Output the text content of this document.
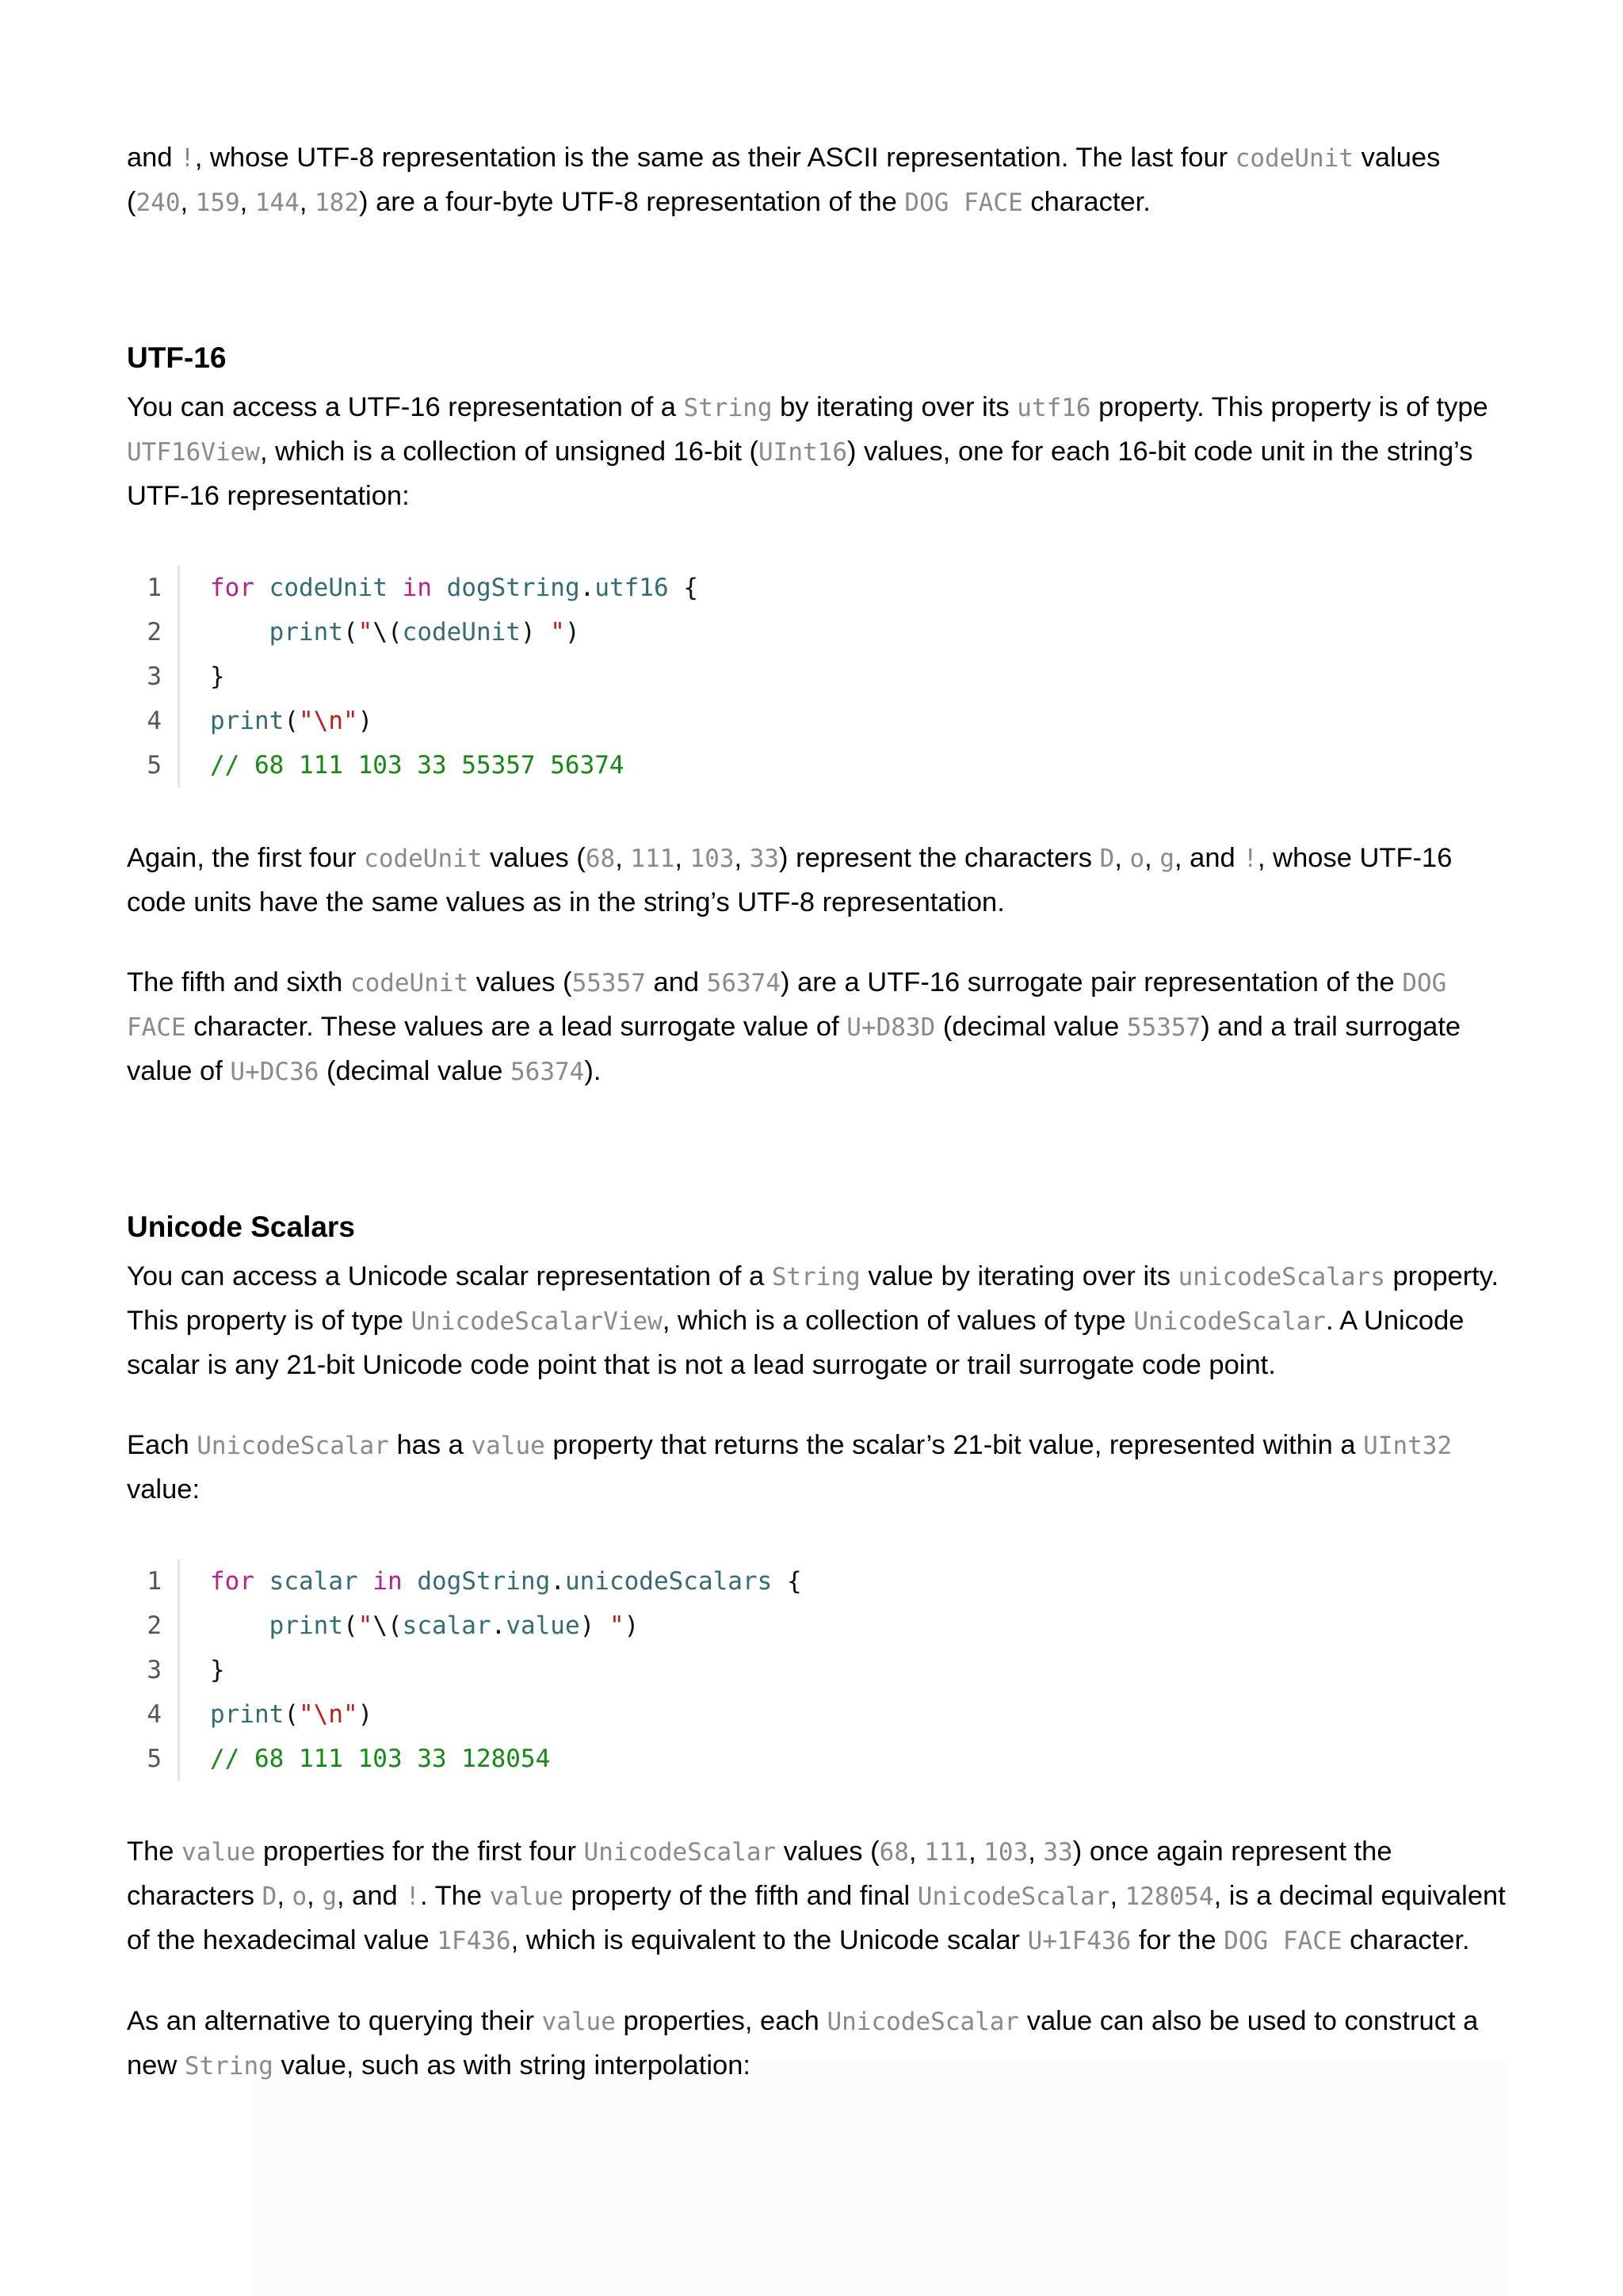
and !, whose UTF-8 representation is the same as their ASCII representation. The last four codeUnit values (240, 159, 144, 182) are a four-byte UTF-8 representation of the DOG FACE character.

UTF-16

You can access a UTF-16 representation of a String by iterating over its utf16 property. This property is of type UTF16View, which is a collection of unsigned 16-bit (UInt16) values, one for each 16-bit code unit in the string’s UTF-16 representation:

1	for codeUnit in dogString.utf16 {
2	print("\(codeUnit) ")
3	}
4	print("\n")
5	// 68 111 103 33 55357 56374

Again, the first four codeUnit values (68, 111, 103, 33) represent the characters D, o, g, and !, whose UTF-16 code units have the same values as in the string’s UTF-8 representation.

The fifth and sixth codeUnit values (55357 and 56374) are a UTF-16 surrogate pair representation of the DOG FACE character. These values are a lead surrogate value of U+D83D (decimal value 55357) and a trail surrogate value of U+DC36 (decimal value 56374).

Unicode Scalars

You can access a Unicode scalar representation of a String value by iterating over its unicodeScalars property. This property is of type UnicodeScalarView, which is a collection of values of type UnicodeScalar. A Unicode scalar is any 21-bit Unicode code point that is not a lead surrogate or trail surrogate code point.

Each UnicodeScalar has a value property that returns the scalar’s 21-bit value, represented within a UInt32 value:

1	for scalar in dogString.unicodeScalars {
2	print("\(scalar.value) ")
3	}
4	print("\n")
5	// 68 111 103 33 128054

The value properties for the first four UnicodeScalar values (68, 111, 103, 33) once again represent the characters D, o, g, and !. The value property of the fifth and final UnicodeScalar, 128054, is a decimal equivalent of the hexadecimal value 1F436, which is equivalent to the Unicode scalar U+1F436 for the DOG FACE character.

As an alternative to querying their value properties, each UnicodeScalar value can also be used to construct a new String value, such as with string interpolation:
